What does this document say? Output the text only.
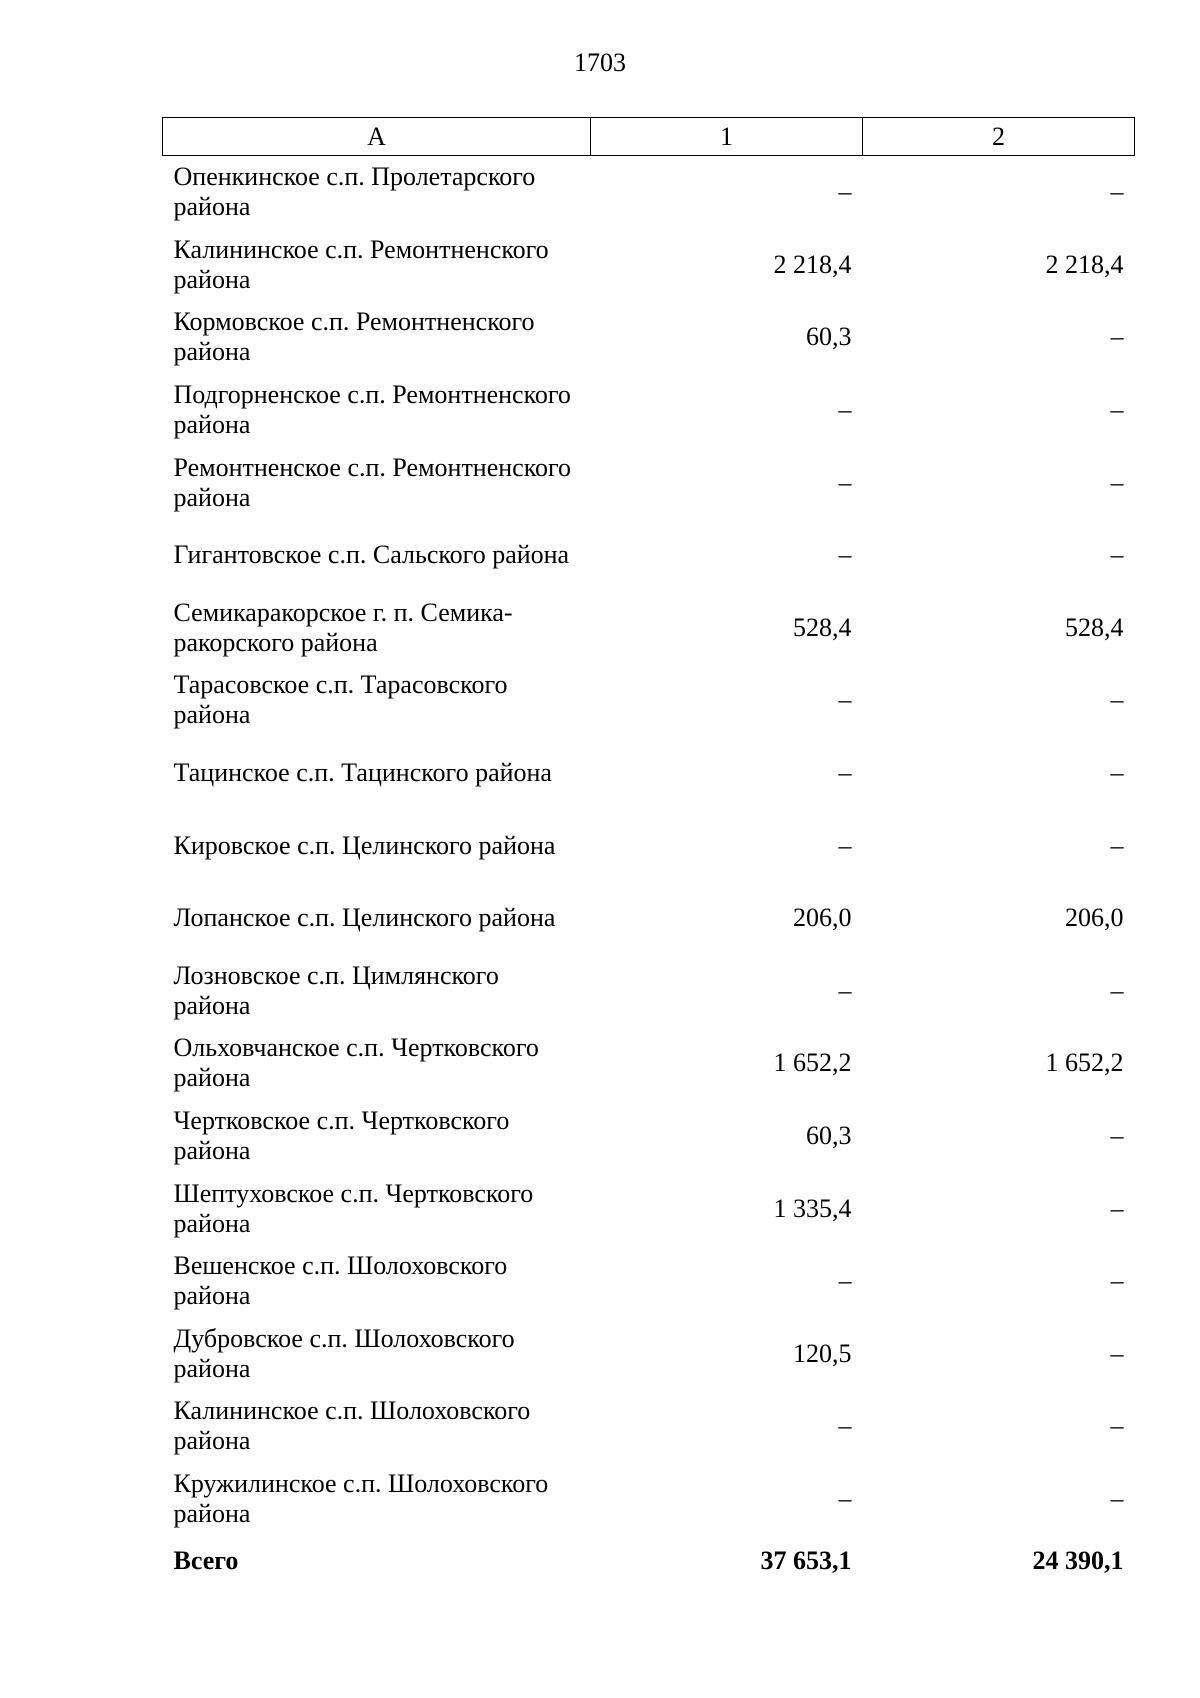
1703
A	1	2
Опенкинское с.п. Пролетарского района	–	–
Калининское с.п. Ремонтненского района	2 218,4	2 218,4
Кормовское с.п. Ремонтненского района	60,3	–
Подгорненское с.п. Ремонтненского района	–	–
Ремонтненское с.п. Ремонтненского района	–	–
Гигантовское с.п. Сальского района	–	–
Семикаракорское г. п. Семикаракорского района	528,4	528,4
Тарасовское с.п. Тарасовского района	–	–
Тацинское с.п. Тацинского района	–	–
Кировское с.п. Целинского района	–	–
Лопанское с.п. Целинского района	206,0	206,0
Лозновское с.п. Цимлянского района	–	–
Ольховчанское с.п. Чертковского района	1 652,2	1 652,2
Чертковское с.п. Чертковского района	60,3	–
Шептуховское с.п. Чертковского района	1 335,4	–
Вешенское с.п. Шолоховского района	–	–
Дубровское с.п. Шолоховского района	120,5	–
Калининское с.п. Шолоховского района	–	–
Кружилинское с.п. Шолоховского района	–	–
Всего	37 653,1	24 390,1
